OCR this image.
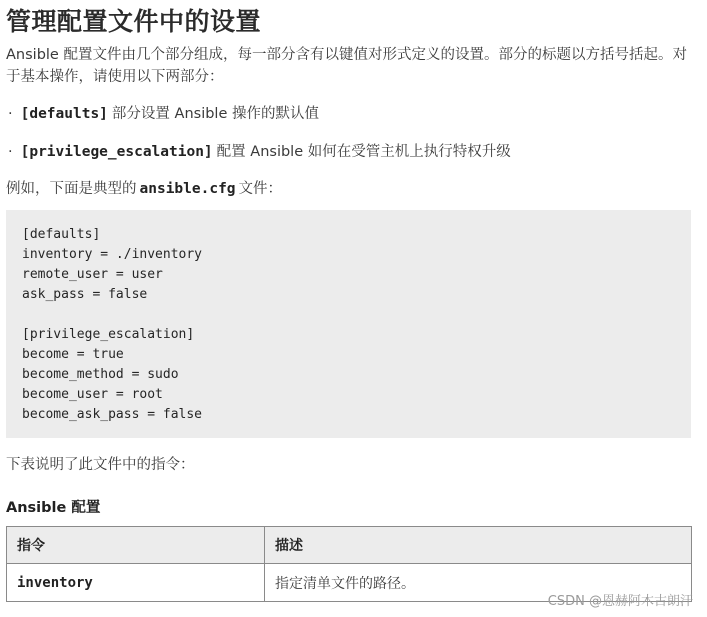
管理配置文件中的设置

Ansible 配置文件由几个部分组成，每一部分含有以键值对形式定义的设置。部分的标题以方括号括起。对于基本操作，请使用以下两部分：

· [defaults] 部分设置 Ansible 操作的默认值
· [privilege_escalation] 配置 Ansible 如何在受管主机上执行特权升级
例如，下面是典型的 ansible.cfg 文件：
[defaults]
inventory = ./inventory
remote_user = user
ask_pass = false

[privilege_escalation]
become = true
become_method = sudo
become_user = root
become_ask_pass = false
下表说明了此文件中的指令：
Ansible 配置
指令	描述
inventory	指定清单文件的路径。
CSDN @恩赫阿木古朗汗
